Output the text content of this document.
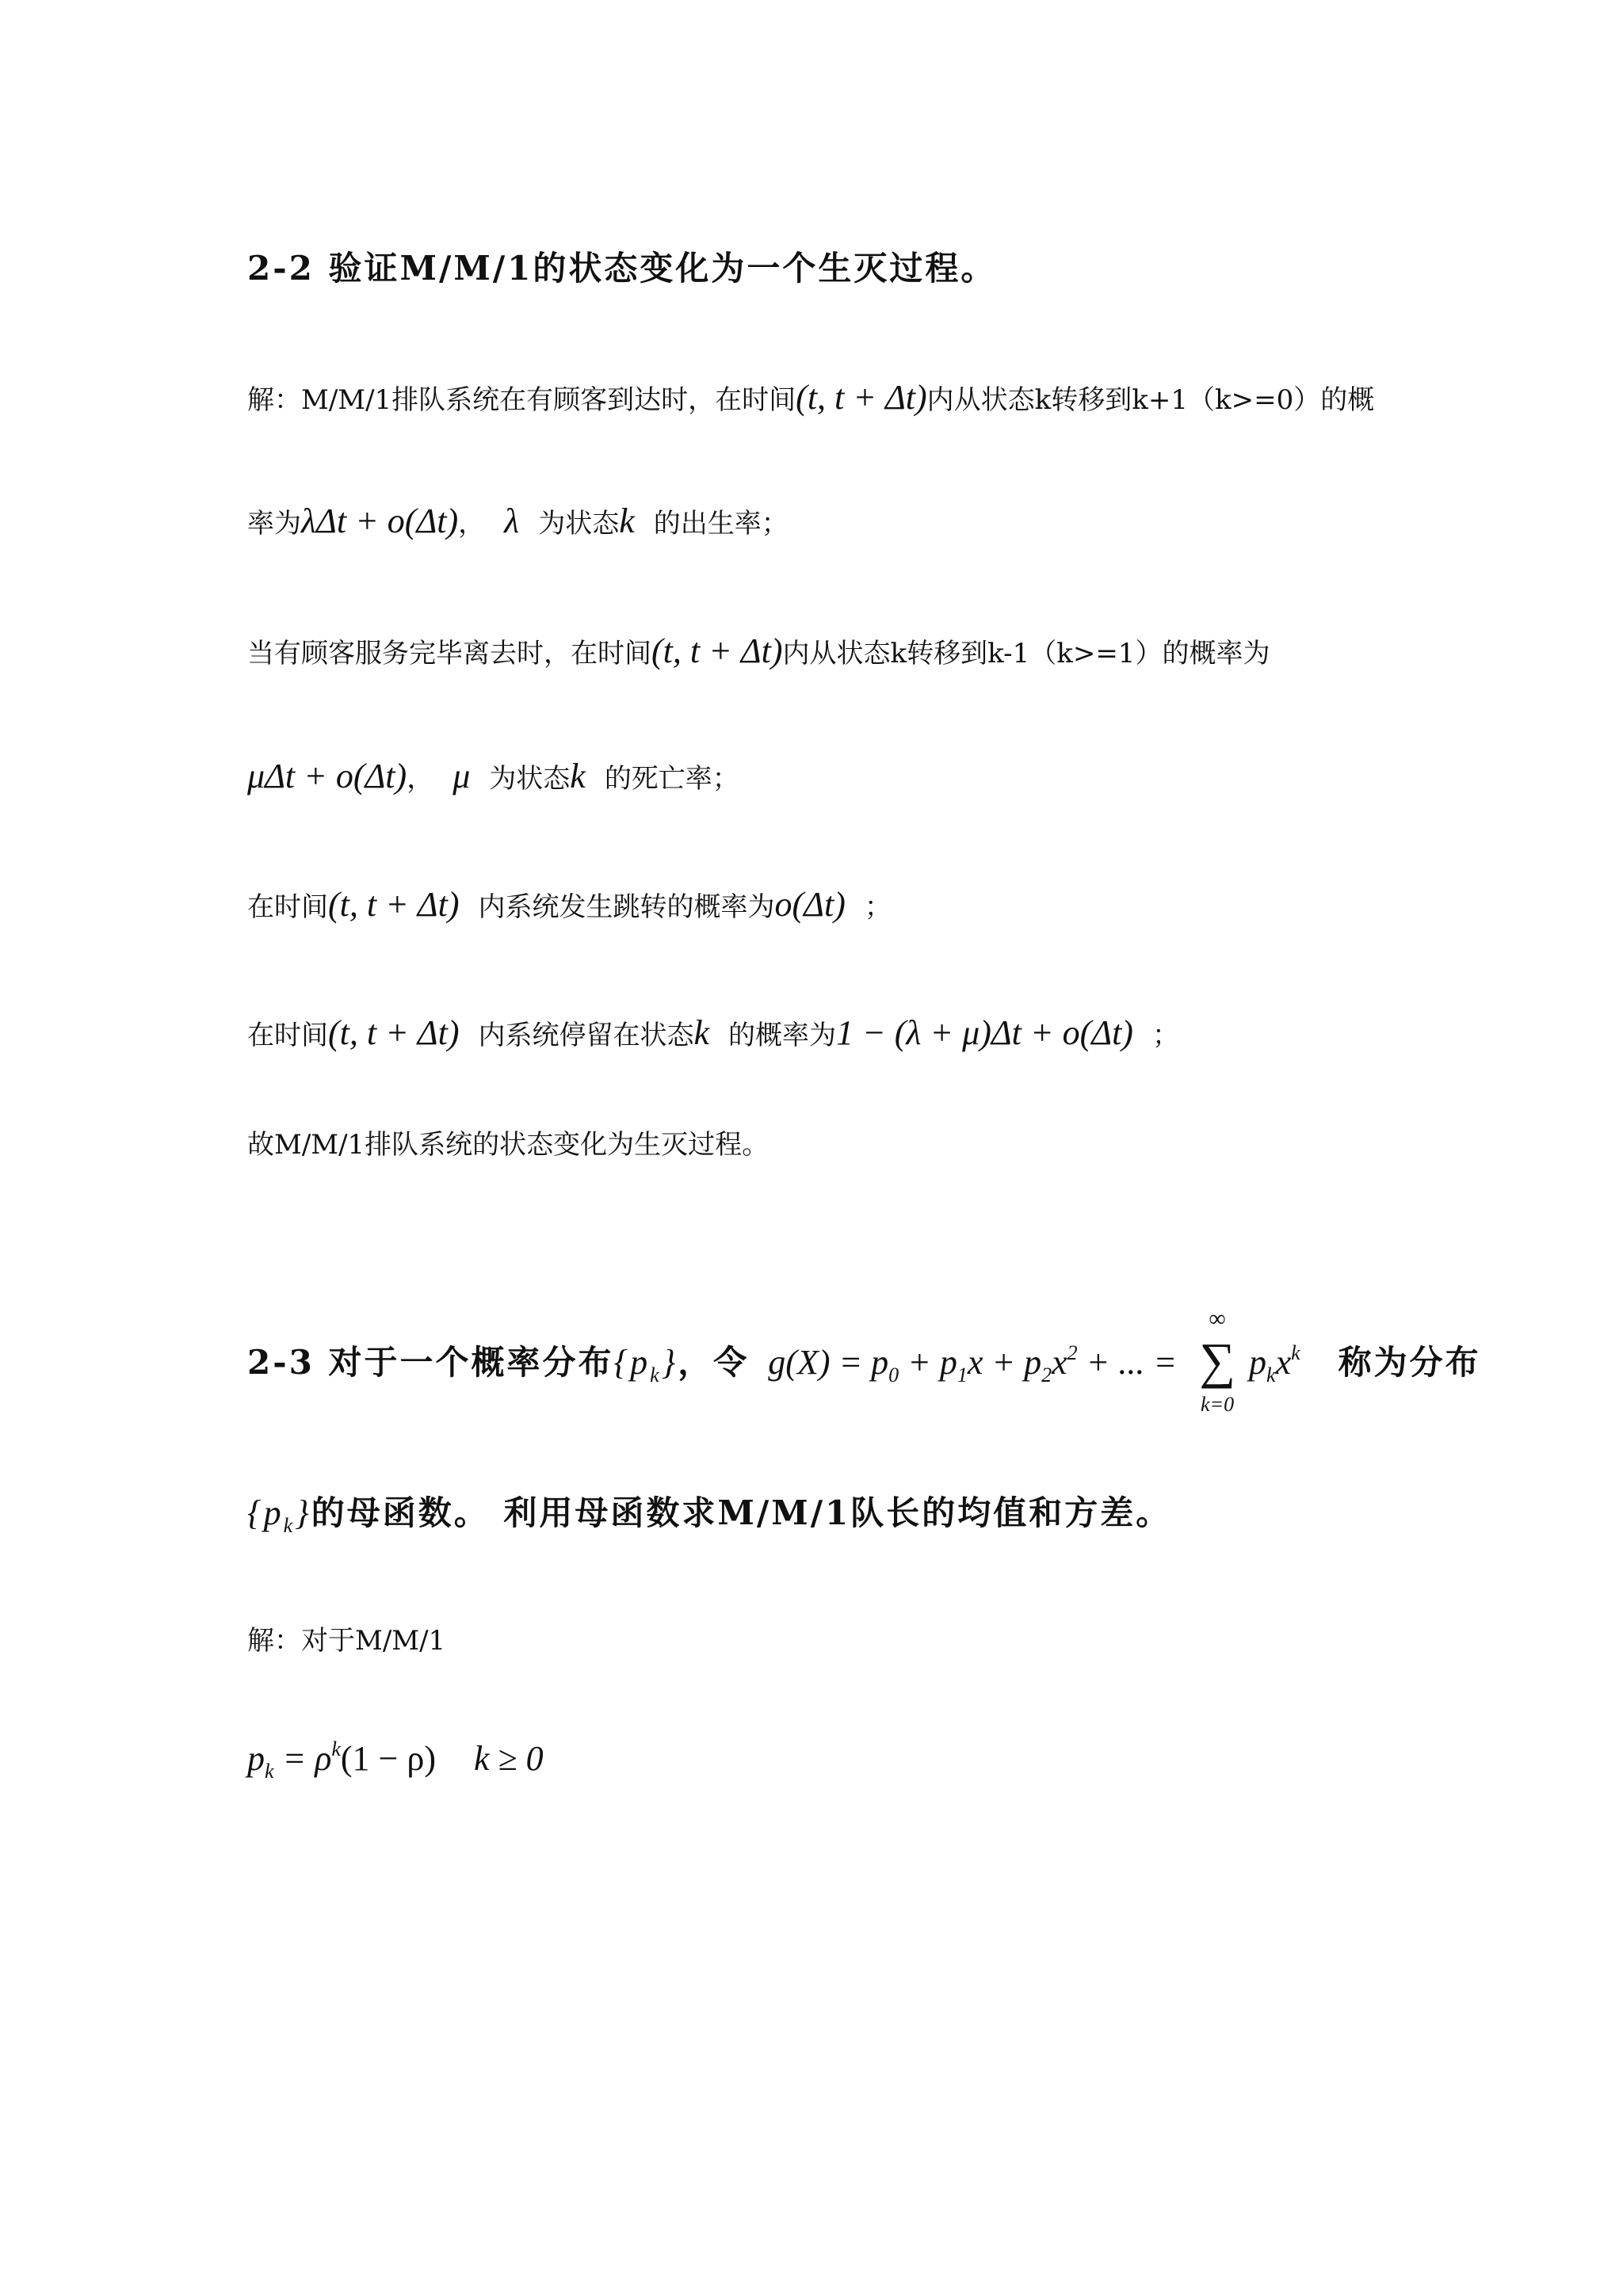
2-2 验证M/M/1的状态变化为一个生灭过程。
解：M/M/1排队系统在有顾客到达时，在时间(t, t + Δt)内从状态k转移到k+1（k>=0）的概
率为λΔt + o(Δt)， λ 为状态k 的出生率；
当有顾客服务完毕离去时，在时间(t, t + Δt)内从状态k转移到k-1（k>=1）的概率为
μΔt + o(Δt)， μ 为状态k 的死亡率；
在时间(t, t + Δt) 内系统发生跳转的概率为o(Δt) ；
在时间(t, t + Δt) 内系统停留在状态k 的概率为1 − (λ + μ)Δt + o(Δt) ；
故M/M/1排队系统的状态变化为生灭过程。
2-3 对于一个概率分布$\{p_k\}$，令 $g(X) = p_0 + p_1x + p_2x^2$ + ... =
∞
∑
k=0
$p_kx^k$ 称为分布
$\{p_k\}$的母函数。 利用母函数求M/M/1队长的均值和方差。
解：对于M/M/1
$p_k = \rho^k(1 - \rho) k \ge 0$
